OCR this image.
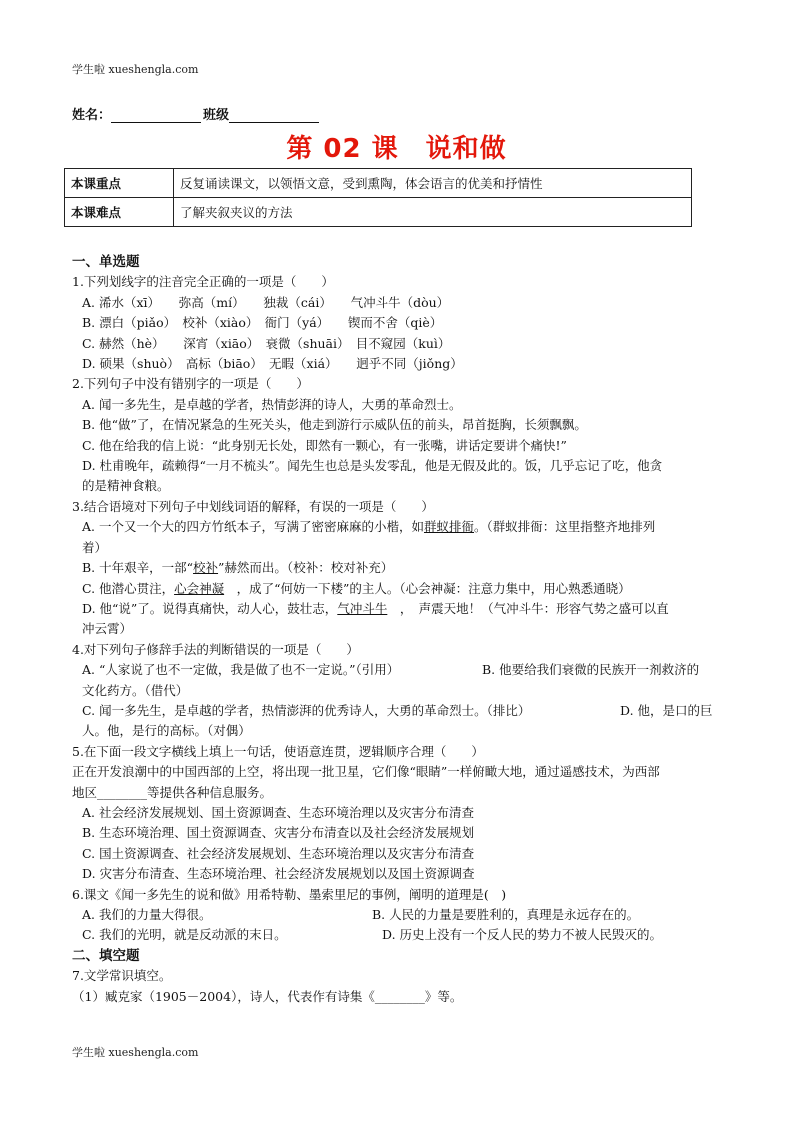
学生啦 xueshengla.com
姓名：	班级
第 02 课　说和做
本课重点	反复诵读课文，以领悟文意，受到熏陶，体会语言的优美和抒情性
本课难点	了解夹叙夹议的方法
一、单选题
1.下列划线字的注音完全正确的一项是（　　）
A. 浠水（xī）　　弥高（mí）　　独裁（cái）　　气冲斗牛（dòu）
B. 漂白（piǎo）　校补（xiào）　衙门（yá）　　锲而不舍（qiè）
C. 赫然（hè）　　深宵（xiāo）　衰微（shuāi）　目不窥园（kuì）
D. 硕果（shuò）　高标（biāo）　无暇（xiá）　　迥乎不同（jiǒng）
2.下列句子中没有错别字的一项是（　　）
A. 闻一多先生，是卓越的学者，热情彭湃的诗人，大勇的革命烈士。
B. 他“做”了，在情况紧急的生死关头，他走到游行示威队伍的前头，昂首挺胸，长须飘飘。
C. 他在给我的信上说：“此身别无长处，即然有一颗心，有一张嘴，讲话定要讲个痛快!”
D. 杜甫晚年，疏赖得“一月不梳头”。闻先生也总是头发零乱，他是无假及此的。饭，几乎忘记了吃，他贪
的是精神食粮。
3.结合语境对下列句子中划线词语的解释，有误的一项是（　　）
A. 一个又一个大的四方竹纸本子，写满了密密麻麻的小楷，如群蚁排衙。（群蚁排衙：这里指整齐地排列
着）
B. 十年艰辛，一部“校补”赫然而出。（校补：校对补充）
C. 他潜心贯注，心会神凝　，成了“何妨一下楼”的主人。（心会神凝：注意力集中，用心熟悉通晓）
D. 他“说”了。说得真痛快，动人心，鼓壮志，气冲斗牛　，　声震天地！（气冲斗牛：形容气势之盛可以直
冲云霄）
4.对下列句子修辞手法的判断错误的一项是（　　）
A. “人家说了也不一定做，我是做了也不一定说。”（引用）	B. 他要给我们衰微的民族开一剂救济的
文化药方。（借代）
C. 闻一多先生，是卓越的学者，热情澎湃的优秀诗人，大勇的革命烈士。（排比）	D. 他，是口的巨
人。他，是行的高标。（对偶）
5.在下面一段文字横线上填上一句话，使语意连贯，逻辑顺序合理（　　）
正在开发浪潮中的中国西部的上空，将出现一批卫星，它们像“眼睛”一样俯瞰大地，通过遥感技术，为西部
地区________等提供各种信息服务。
A. 社会经济发展规划、国土资源调查、生态环境治理以及灾害分布清查
B. 生态环境治理、国土资源调查、灾害分布清查以及社会经济发展规划
C. 国土资源调查、社会经济发展规划、生态环境治理以及灾害分布清查
D. 灾害分布清查、生态环境治理、社会经济发展规划以及国土资源调查
6.课文《闻一多先生的说和做》用希特勒、墨索里尼的事例，阐明的道理是(　)
A. 我们的力量大得很。	B. 人民的力量是要胜利的，真理是永远存在的。
C. 我们的光明，就是反动派的末日。	D. 历史上没有一个反人民的势力不被人民毁灭的。
二、填空题
7.文学常识填空。
（1）臧克家（1905－2004），诗人，代表作有诗集《________》等。
学生啦 xueshengla.com
